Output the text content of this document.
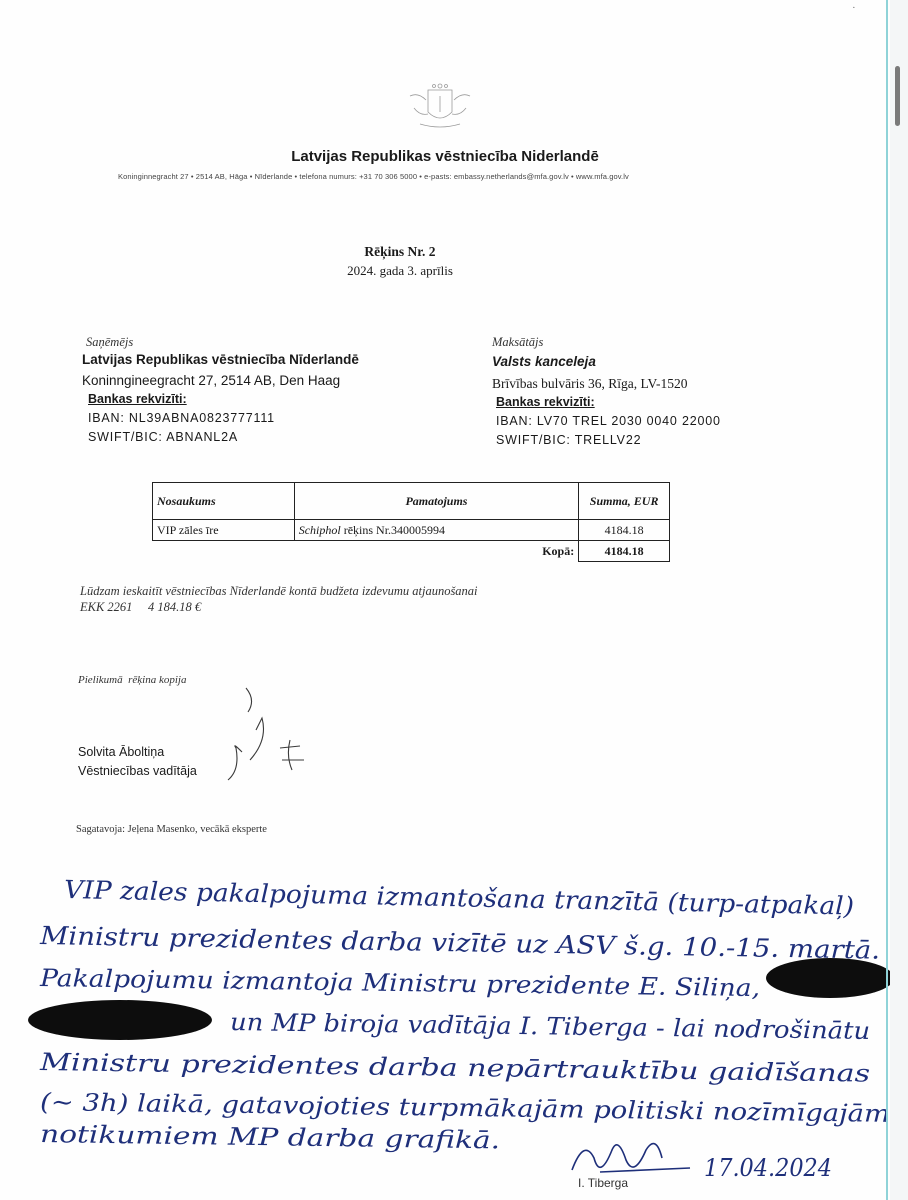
Latvijas Republikas vēstniecība Niderlandē
Koninginnegracht 27 • 2514 AB, Hāga • Nīderlande • telefona numurs: +31 70 306 5000 • e-pasts: embassy.netherlands@mfa.gov.lv • www.mfa.gov.lv
Rēķins Nr. 2
2024. gada 3. aprīlis
Saņēmējs
Latvijas Republikas vēstniecība Nīderlandē
Koninngineegracht 27, 2514 AB, Den Haag
Bankas rekvizīti:
IBAN: NL39ABNA0823777111
SWIFT/BIC: ABNANL2A
Maksātājs
Valsts kanceleja
Brīvības bulvāris 36, Rīga, LV-1520
Bankas rekvizīti:
IBAN: LV70 TREL 2030 0040 22000
SWIFT/BIC: TRELLV22
Nosaukums	Pamatojums	Summa, EUR
VIP zāles īre	Schiphol rēķins Nr.340005994	4184.18
	Kopā:	4184.18
Lūdzam ieskaitīt vēstniecības Nīderlandē kontā budžeta izdevumu atjaunošanai
EKK 2261     4 184.18 €
Pielikumā  rēķina kopija
Solvita Āboltiņa
Vēstniecības vadītāja
Sagatavoja: Jeļena Masenko, vecākā eksperte
VIP zales pakalpojuma izmantošana tranzītā (turp-atpakaļ)
Ministru prezidentes darba vizītē uz ASV š.g. 10.-15. martā.
Pakalpojumu izmantoja Ministru prezidente E. Siliņa,
un MP biroja vadītāja I. Tiberga - lai nodrošinātu
Ministru prezidentes darba nepārtrauktību gaidīšanas
(~ 3h) laikā, gatavojoties turpmākajām politiski nozīmīgajām
notikumiem MP darba grafikā.
17.04.2024
I. Tiberga
·
